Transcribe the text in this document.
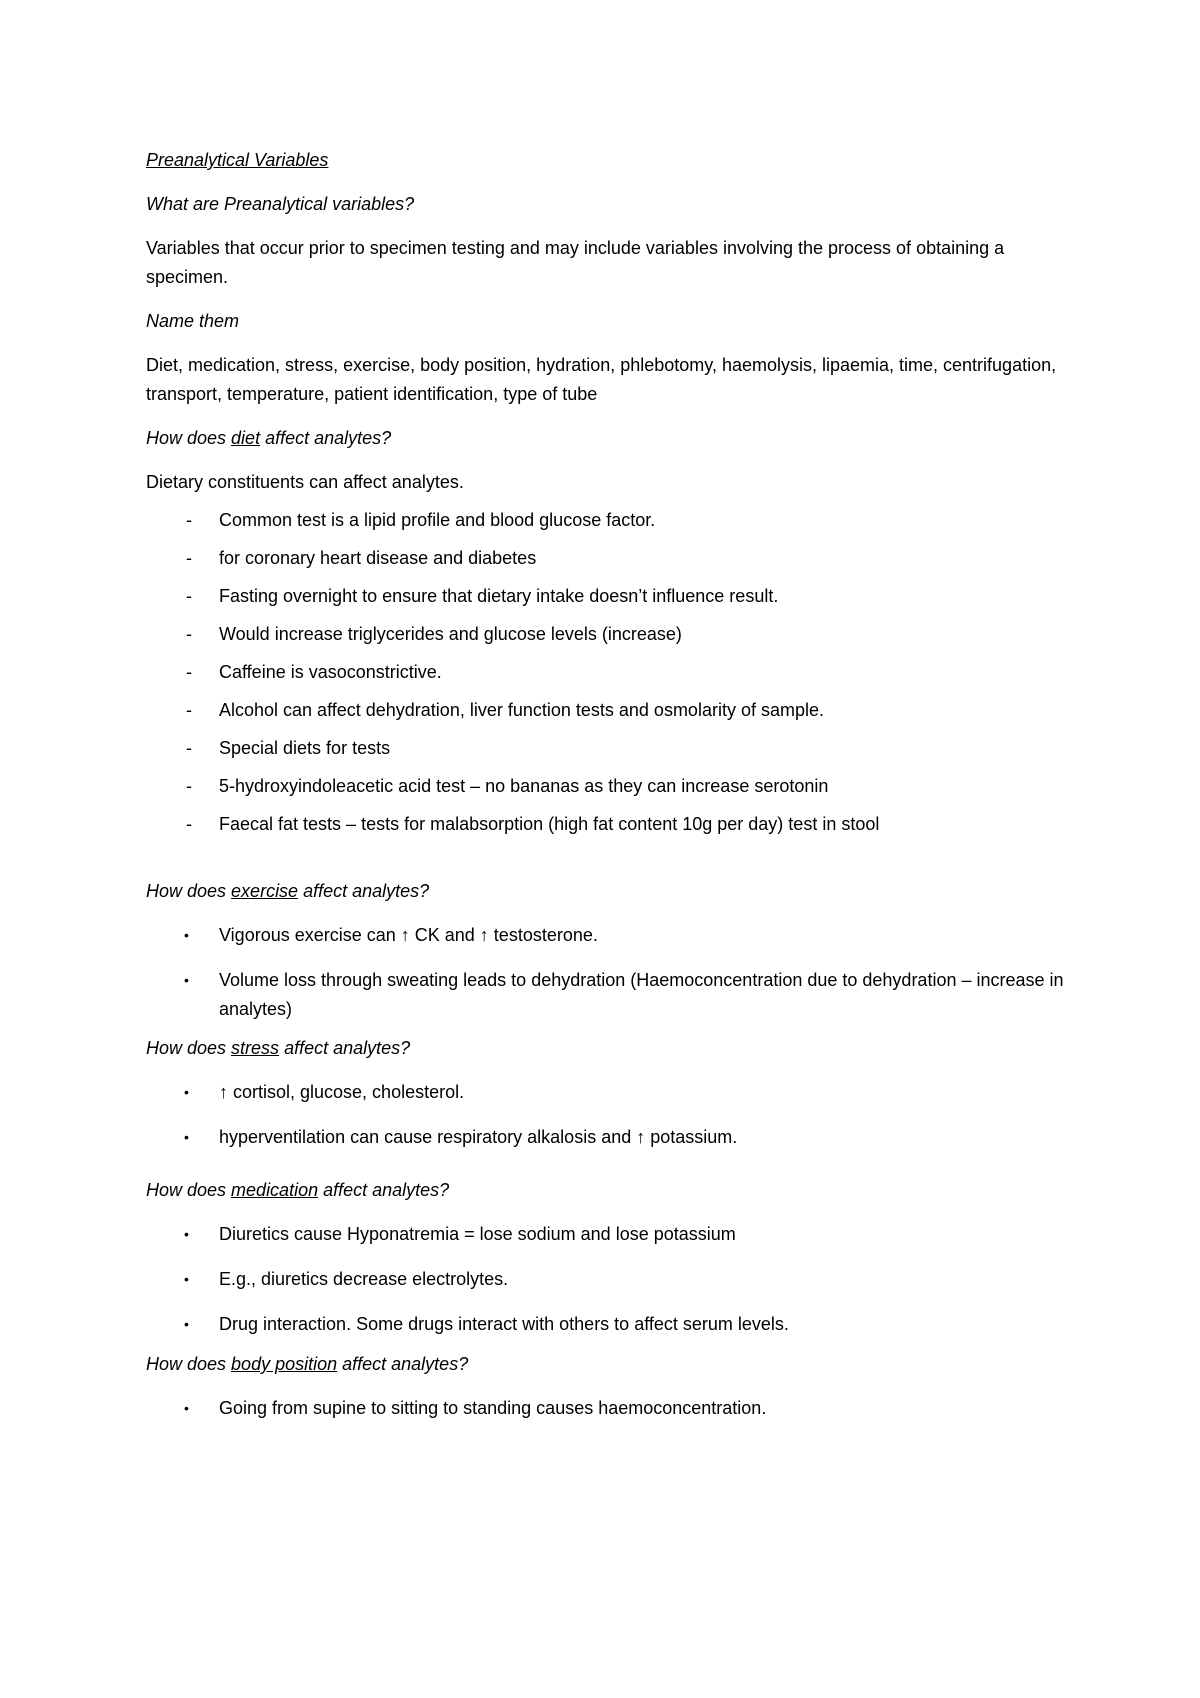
Preanalytical Variables
What are Preanalytical variables?
Variables that occur prior to specimen testing and may include variables involving the process of obtaining a specimen.
Name them
Diet, medication, stress, exercise, body position, hydration, phlebotomy, haemolysis, lipaemia, time, centrifugation, transport, temperature, patient identification, type of tube
How does diet affect analytes?
Dietary constituents can affect analytes.
- Common test is a lipid profile and blood glucose factor.
- for coronary heart disease and diabetes
- Fasting overnight to ensure that dietary intake doesn’t influence result.
- Would increase triglycerides and glucose levels (increase)
- Caffeine is vasoconstrictive.
- Alcohol can affect dehydration, liver function tests and osmolarity of sample.
- Special diets for tests
- 5-hydroxyindoleacetic acid test – no bananas as they can increase serotonin
- Faecal fat tests – tests for malabsorption (high fat content 10g per day) test in stool
How does exercise affect analytes?
• Vigorous exercise can ↑ CK and ↑ testosterone.
• Volume loss through sweating leads to dehydration (Haemoconcentration due to dehydration – increase in analytes)
How does stress affect analytes?
• ↑ cortisol, glucose, cholesterol.
• hyperventilation can cause respiratory alkalosis and ↑ potassium.
How does medication affect analytes?
• Diuretics cause Hyponatremia = lose sodium and lose potassium
• E.g., diuretics decrease electrolytes.
• Drug interaction. Some drugs interact with others to affect serum levels.
How does body position affect analytes?
• Going from supine to sitting to standing causes haemoconcentration.
